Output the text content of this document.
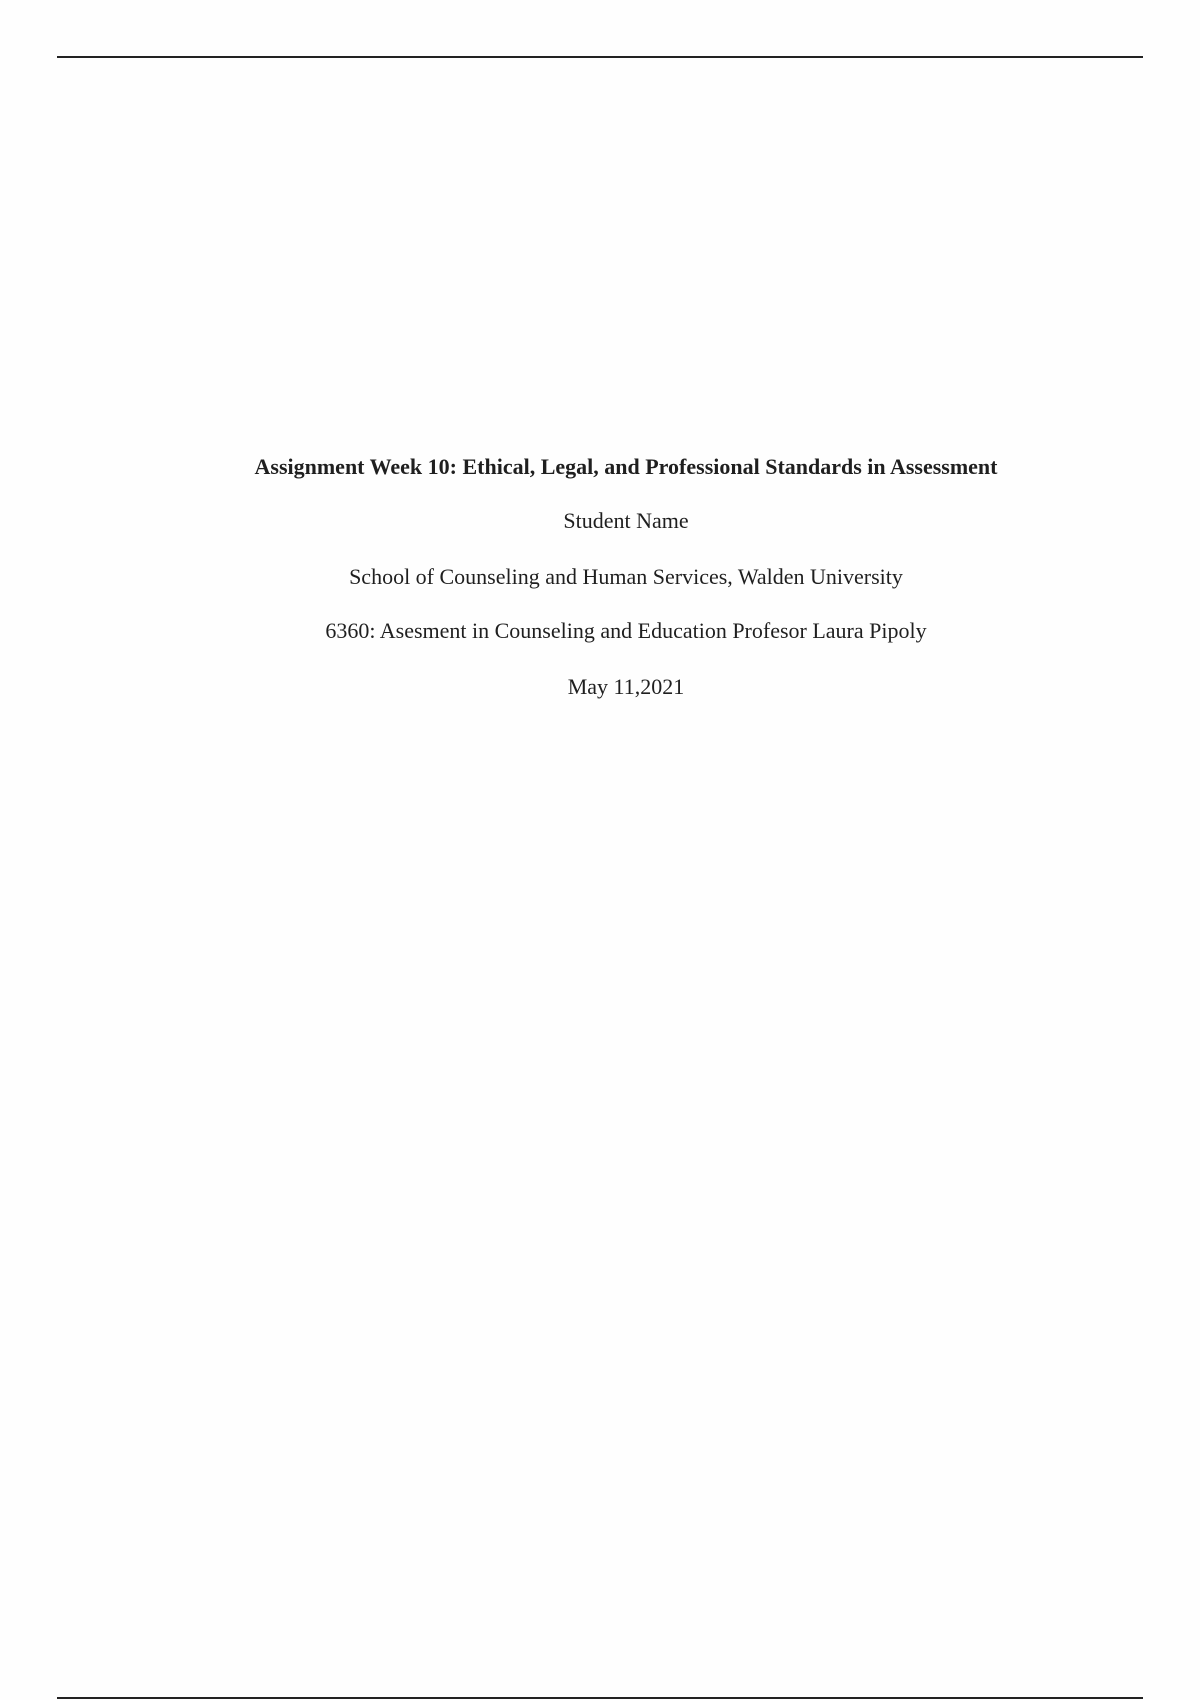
Assignment Week 10: Ethical, Legal, and Professional Standards in Assessment

Student Name

School of Counseling and Human Services, Walden University

6360: Asesment in Counseling and Education Profesor Laura Pipoly

May 11,2021
